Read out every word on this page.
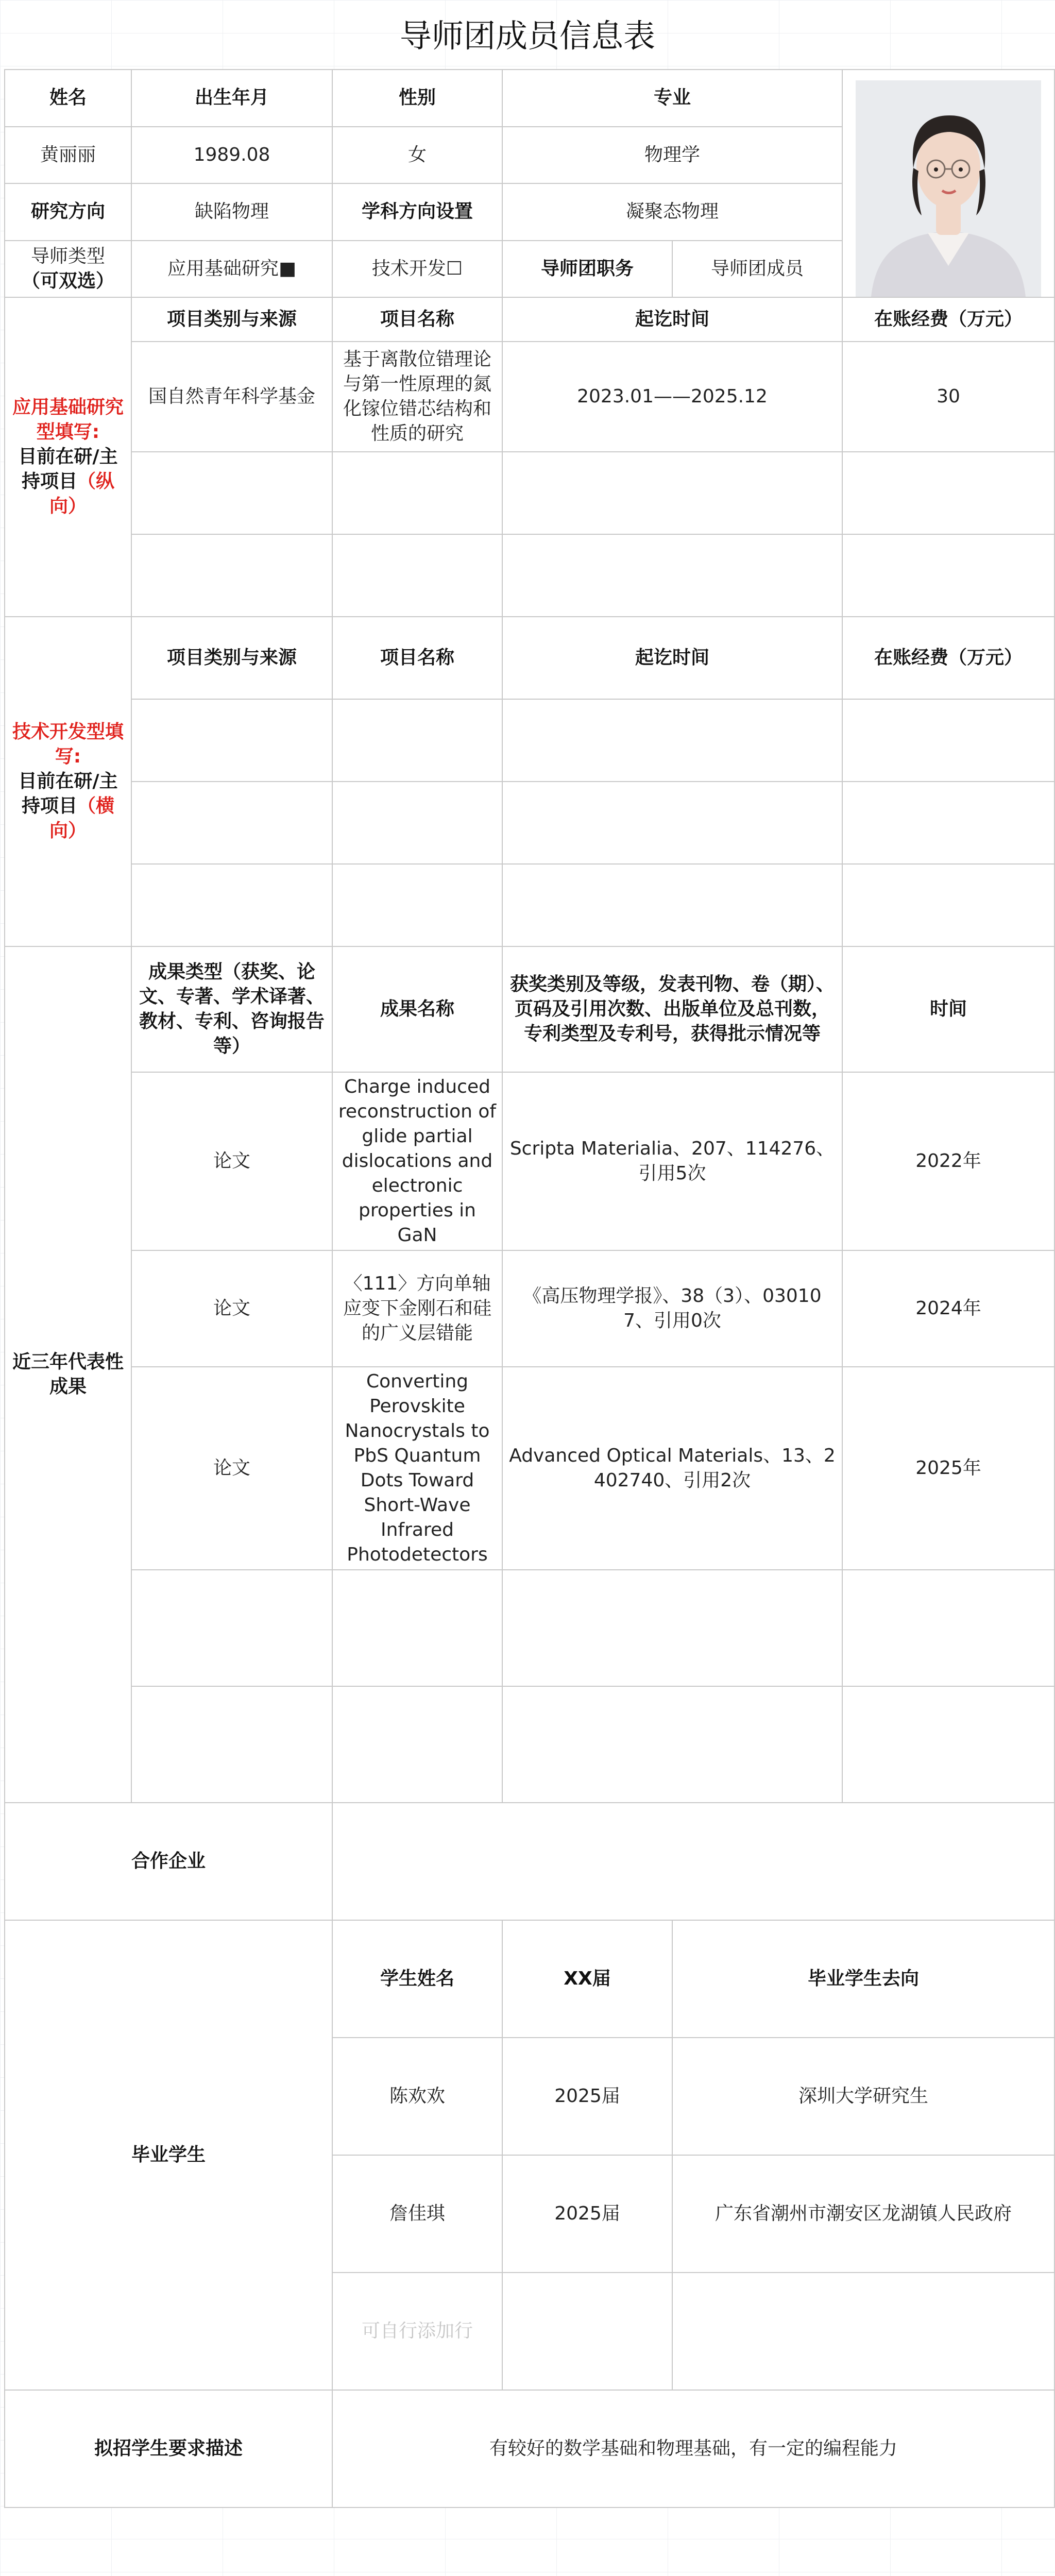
导师团成员信息表
姓名	出生年月	性别	专业	

黄丽丽	1989.08	女	物理学		
研究方向	缺陷物理	学科方向设置	凝聚态物理		

导师类型
（可双选）	应用基础研究■	技术开发☐	导师团职务	导师团成员	
应用基础研究型填写:
目前在研/主持项目（纵向）	项目类别与来源	项目名称	起讫时间		在账经费（万元）
	国自然青年科学基金	基于离散位错理论与第一性原理的氮化镓位错芯结构和性质的研究	2023.01——2025.12		30

技术开发型填写:
目前在研/主持项目（横向）	项目类别与来源	项目名称	起讫时间		在账经费（万元）

近三年代表性成果	成果类型（获奖、论文、专著、学术译著、教材、专利、咨询报告等）	成果名称	获奖类别及等级，发表刊物、卷（期）、页码及引用次数、出版单位及总刊数，专利类型及专利号，获得批示情况等		时间
	论文	Charge induced reconstruction of glide partial dislocations and electronic properties in GaN	Scripta Materialia、207、114276、引用5次		2022年
	论文	〈111〉方向单轴应变下金刚石和硅的广义层错能	《高压物理学报》、38（3）、030107、引用0次		2024年
	论文	Converting Perovskite Nanocrystals to PbS Quantum Dots Toward Short-Wave Infrared Photodetectors	Advanced Optical Materials、13、2402740、引用2次		2025年

合作企业					
毕业学生		学生姓名	XX届	毕业学生去向	
		陈欢欢	2025届	深圳大学研究生	
		詹佳琪	2025届	广东省潮州市潮安区龙湖镇人民政府	
		可自行添加行			
拟招学生要求描述		有较好的数学基础和物理基础，有一定的编程能力			
